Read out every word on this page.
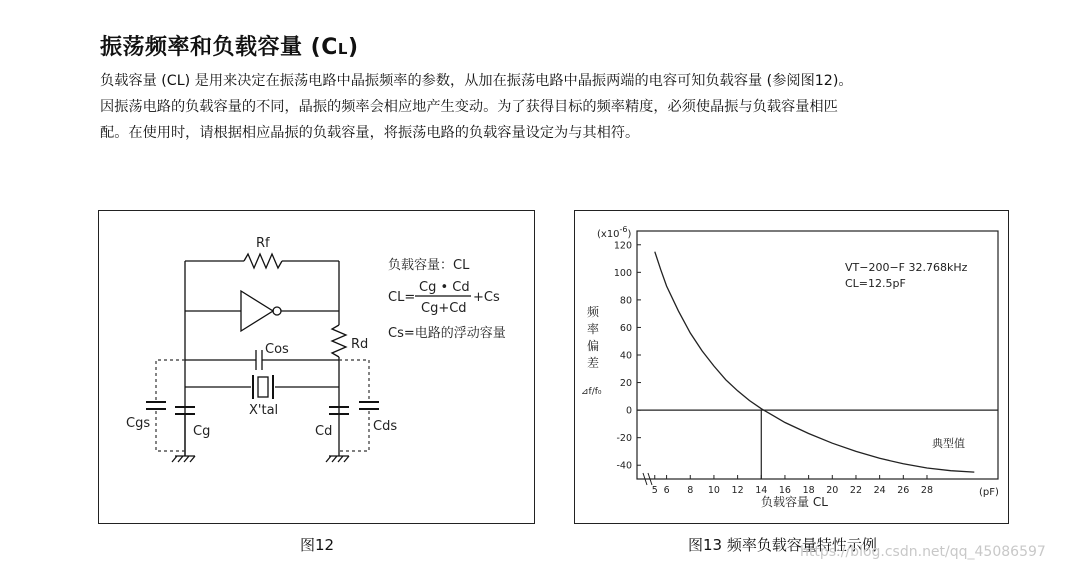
振荡频率和负载容量 (CL)
负载容量 (CL) 是用来决定在振荡电路中晶振频率的参数，从加在振荡电路中晶振两端的电容可知负载容量 (参阅图12)。
因振荡电路的负载容量的不同，晶振的频率会相应地产生变动。为了获得目标的频率精度，必须使晶振与负载容量相匹
配。在使用时，请根据相应晶振的负载容量，将振荡电路的负载容量设定为与其相符。
Rf
Rd
Cos
X'tal
Cgs
Cg	Cd	Cds
负载容量：CL
CL=
Cg • Cd
Cg+Cd
+Cs
Cs=电路的浮动容量
120
100
80
60
40
20
0
-20
-40
5 6 8 10 12 14 16 18 20 22 24 26 28
$(x10^{-6})$
频
率
偏
差
⊿f/f₀
VT−200−F 32.768kHz
CL=12.5pF
典型值
负载容量 CL
(pF)
图12	图13 频率负载容量特性示例
https://blog.csdn.net/qq_45086597
